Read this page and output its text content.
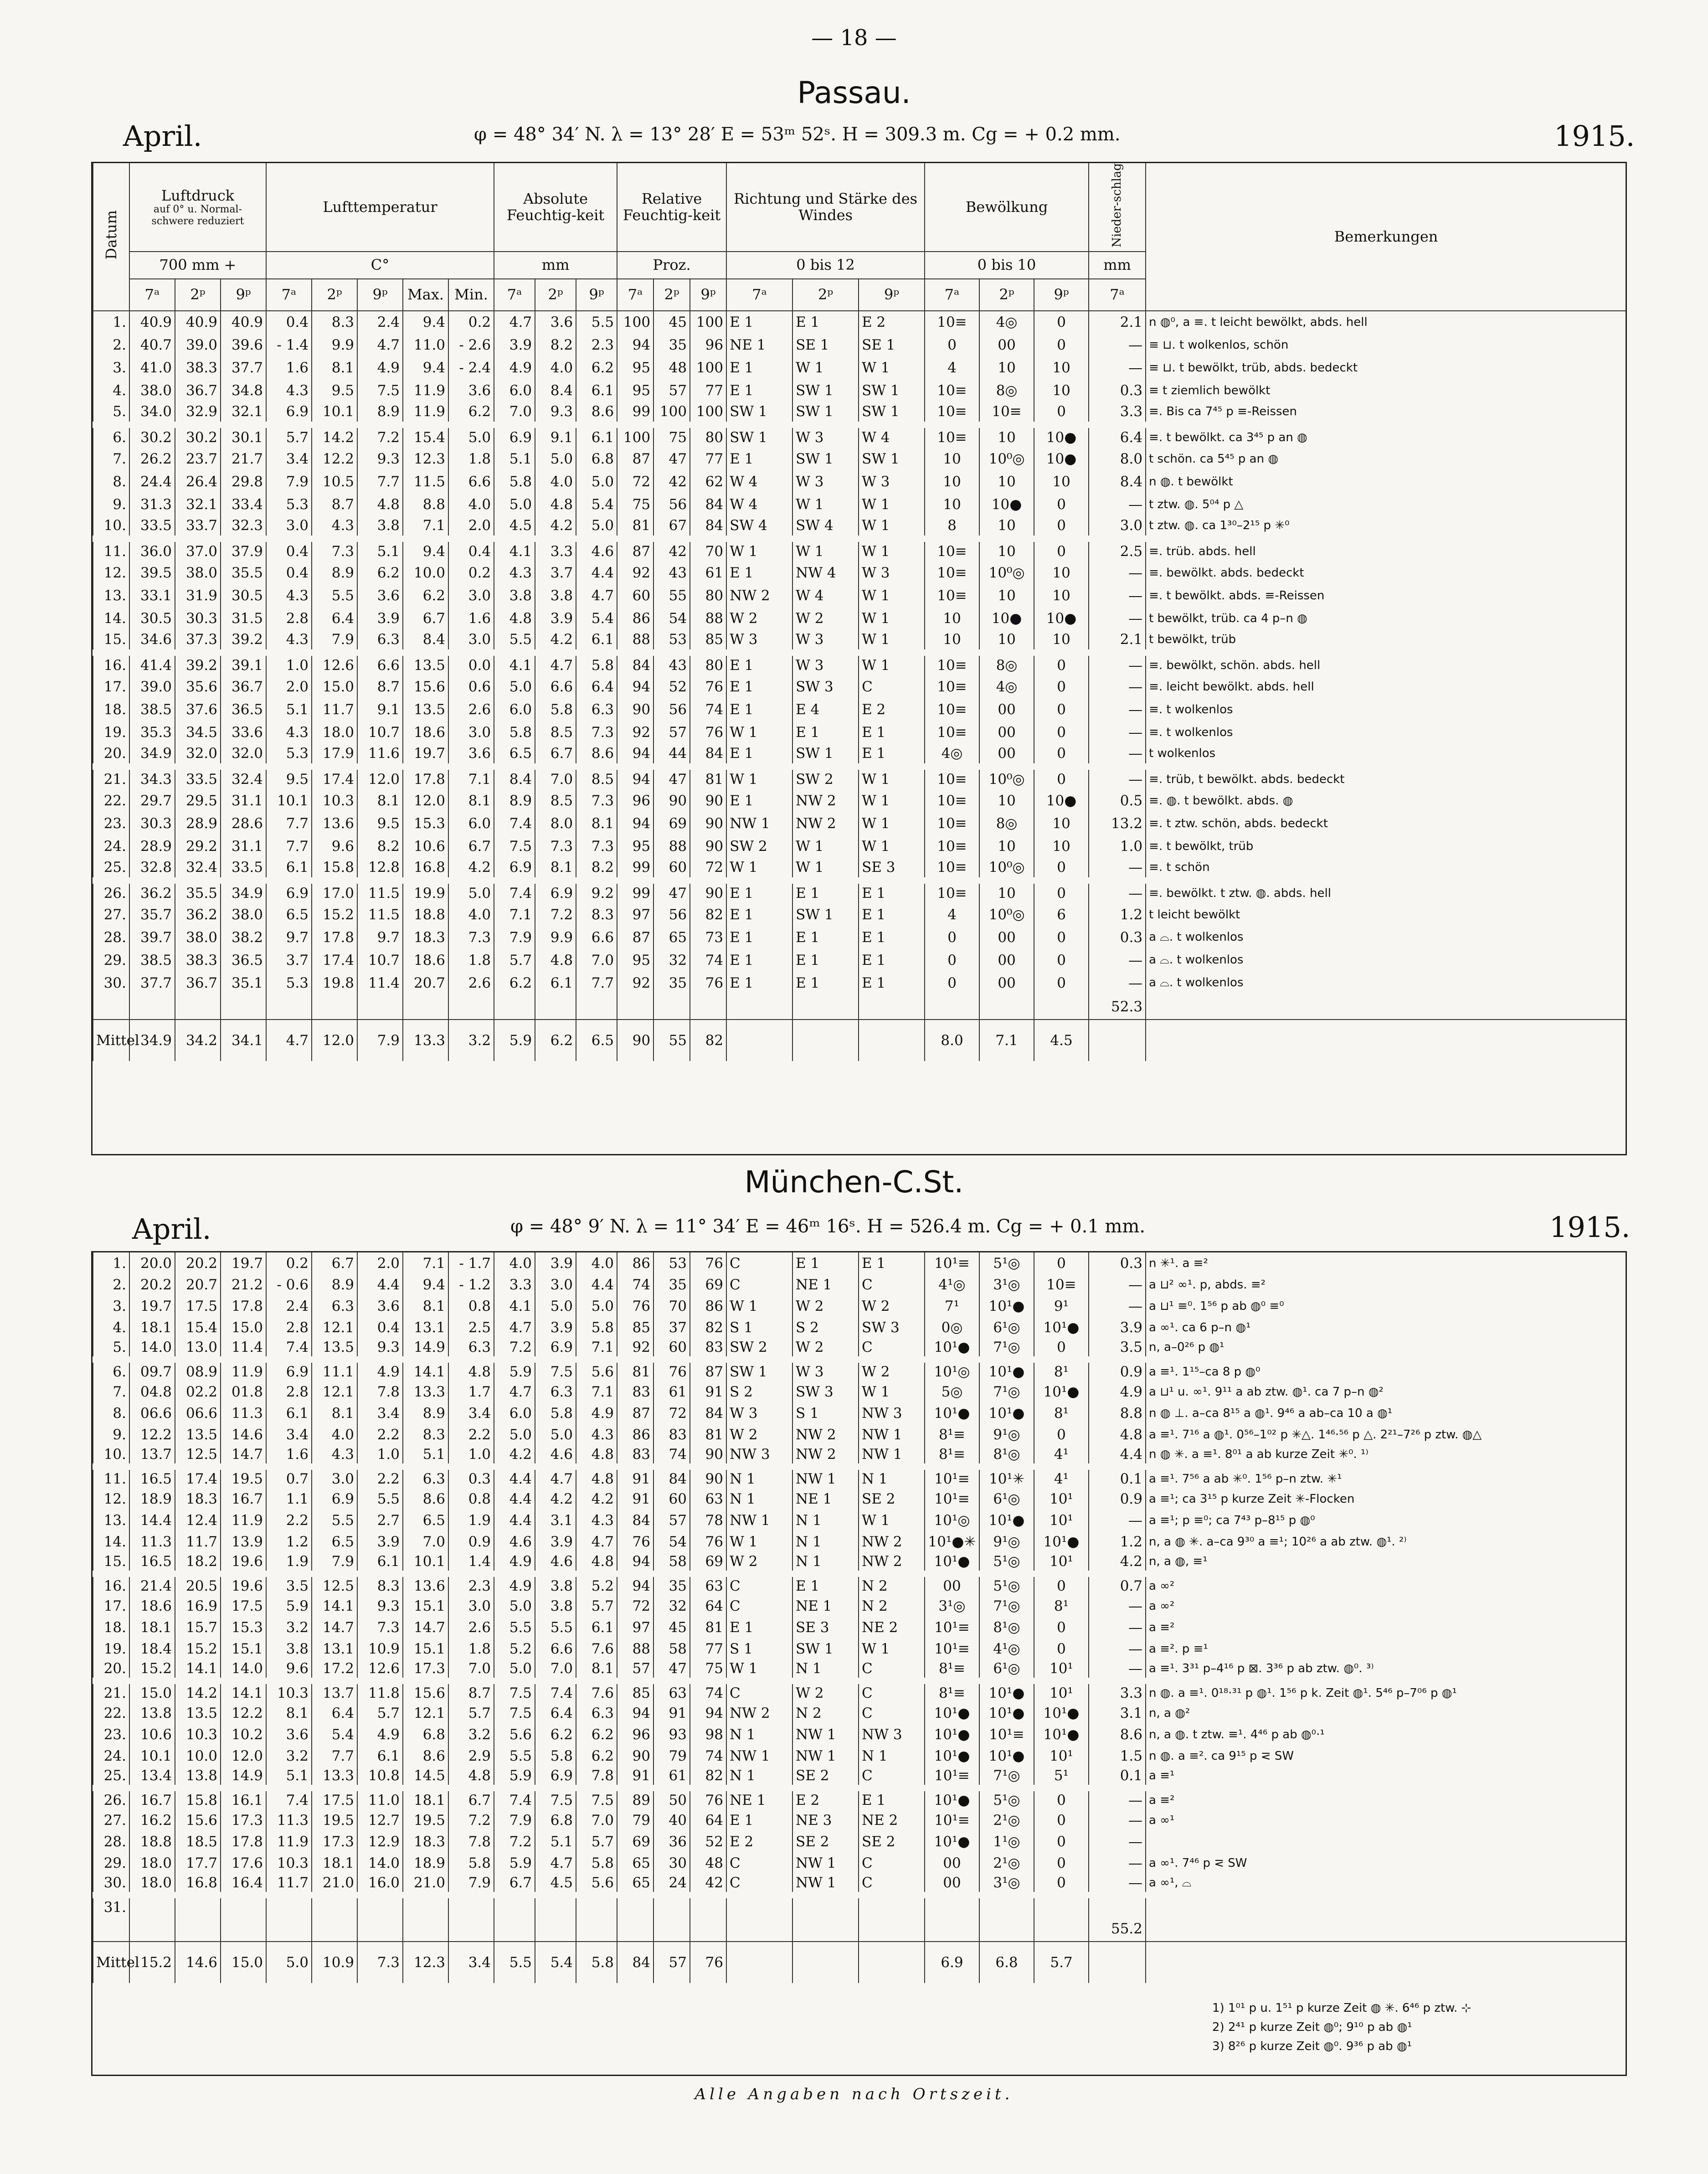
— 18 —
Passau.
April.	φ = 48° 34′ N. λ = 13° 28′ E = 53ᵐ 52ˢ. H = 309.3 m. Cg = + 0.2 mm.	1915.
Datum	Luftdruck
auf 0° u. Normal-schwere reduziert			Lufttemperatur					Absolute Feuchtig-keit			Relative Feuchtig-keit			Richtung und Stärke des Windes			Bewölkung			Nieder-schlag	Bemerkungen
	700 mm +			C°					mm			Proz.			0 bis 12			0 bis 10			mm	
	7ᵃ	2ᵖ	9ᵖ	7ᵃ	2ᵖ	9ᵖ	Max.	Min.	7ᵃ	2ᵖ	9ᵖ	7ᵃ	2ᵖ	9ᵖ	7ᵃ	2ᵖ	9ᵖ	7ᵃ	2ᵖ	9ᵖ	7ᵃ	
1.	40.9	40.9	40.9	0.4	8.3	2.4	9.4	0.2	4.7	3.6	5.5	100	45	100	E 1	E 1	E 2	10≡	4◎	0	2.1	n ◍⁰, a ≡. t leicht bewölkt, abds. hell
2.	40.7	39.0	39.6	- 1.4	9.9	4.7	11.0	- 2.6	3.9	8.2	2.3	94	35	96	NE 1	SE 1	SE 1	0	00	0	—	≡ ⊔. t wolkenlos, schön
3.	41.0	38.3	37.7	1.6	8.1	4.9	9.4	- 2.4	4.9	4.0	6.2	95	48	100	E 1	W 1	W 1	4	10	10	—	≡ ⊔. t bewölkt, trüb, abds. bedeckt
4.	38.0	36.7	34.8	4.3	9.5	7.5	11.9	3.6	6.0	8.4	6.1	95	57	77	E 1	SW 1	SW 1	10≡	8◎	10	0.3	≡ t ziemlich bewölkt
5.	34.0	32.9	32.1	6.9	10.1	8.9	11.9	6.2	7.0	9.3	8.6	99	100	100	SW 1	SW 1	SW 1	10≡	10≡	0	3.3	≡. Bis ca 7⁴⁵ p ≡-Reissen
6.	30.2	30.2	30.1	5.7	14.2	7.2	15.4	5.0	6.9	9.1	6.1	100	75	80	SW 1	W 3	W 4	10≡	10	10●	6.4	≡. t bewölkt. ca 3⁴⁵ p an ◍
7.	26.2	23.7	21.7	3.4	12.2	9.3	12.3	1.8	5.1	5.0	6.8	87	47	77	E 1	SW 1	SW 1	10	10⁰◎	10●	8.0	t schön. ca 5⁴⁵ p an ◍
8.	24.4	26.4	29.8	7.9	10.5	7.7	11.5	6.6	5.8	4.0	5.0	72	42	62	W 4	W 3	W 3	10	10	10	8.4	n ◍. t bewölkt
9.	31.3	32.1	33.4	5.3	8.7	4.8	8.8	4.0	5.0	4.8	5.4	75	56	84	W 4	W 1	W 1	10	10●	0	—	t ztw. ◍. 5⁰⁴ p △
10.	33.5	33.7	32.3	3.0	4.3	3.8	7.1	2.0	4.5	4.2	5.0	81	67	84	SW 4	SW 4	W 1	8	10	0	3.0	t ztw. ◍. ca 1³⁰–2¹⁵ p ✳⁰
11.	36.0	37.0	37.9	0.4	7.3	5.1	9.4	0.4	4.1	3.3	4.6	87	42	70	W 1	W 1	W 1	10≡	10	0	2.5	≡. trüb. abds. hell
12.	39.5	38.0	35.5	0.4	8.9	6.2	10.0	0.2	4.3	3.7	4.4	92	43	61	E 1	NW 4	W 3	10≡	10⁰◎	10	—	≡. bewölkt. abds. bedeckt
13.	33.1	31.9	30.5	4.3	5.5	3.6	6.2	3.0	3.8	3.8	4.7	60	55	80	NW 2	W 4	W 1	10≡	10	10	—	≡. t bewölkt. abds. ≡-Reissen
14.	30.5	30.3	31.5	2.8	6.4	3.9	6.7	1.6	4.8	3.9	5.4	86	54	88	W 2	W 2	W 1	10	10●	10●	—	t bewölkt, trüb. ca 4 p–n ◍
15.	34.6	37.3	39.2	4.3	7.9	6.3	8.4	3.0	5.5	4.2	6.1	88	53	85	W 3	W 3	W 1	10	10	10	2.1	t bewölkt, trüb
16.	41.4	39.2	39.1	1.0	12.6	6.6	13.5	0.0	4.1	4.7	5.8	84	43	80	E 1	W 3	W 1	10≡	8◎	0	—	≡. bewölkt, schön. abds. hell
17.	39.0	35.6	36.7	2.0	15.0	8.7	15.6	0.6	5.0	6.6	6.4	94	52	76	E 1	SW 3	C	10≡	4◎	0	—	≡. leicht bewölkt. abds. hell
18.	38.5	37.6	36.5	5.1	11.7	9.1	13.5	2.6	6.0	5.8	6.3	90	56	74	E 1	E 4	E 2	10≡	00	0	—	≡. t wolkenlos
19.	35.3	34.5	33.6	4.3	18.0	10.7	18.6	3.0	5.8	8.5	7.3	92	57	76	W 1	E 1	E 1	10≡	00	0	—	≡. t wolkenlos
20.	34.9	32.0	32.0	5.3	17.9	11.6	19.7	3.6	6.5	6.7	8.6	94	44	84	E 1	SW 1	E 1	4◎	00	0	—	t wolkenlos
21.	34.3	33.5	32.4	9.5	17.4	12.0	17.8	7.1	8.4	7.0	8.5	94	47	81	W 1	SW 2	W 1	10≡	10⁰◎	0	—	≡. trüb, t bewölkt. abds. bedeckt
22.	29.7	29.5	31.1	10.1	10.3	8.1	12.0	8.1	8.9	8.5	7.3	96	90	90	E 1	NW 2	W 1	10≡	10	10●	0.5	≡. ◍. t bewölkt. abds. ◍
23.	30.3	28.9	28.6	7.7	13.6	9.5	15.3	6.0	7.4	8.0	8.1	94	69	90	NW 1	NW 2	W 1	10≡	8◎	10	13.2	≡. t ztw. schön, abds. bedeckt
24.	28.9	29.2	31.1	7.7	9.6	8.2	10.6	6.7	7.5	7.3	7.3	95	88	90	SW 2	W 1	W 1	10≡	10	10	1.0	≡. t bewölkt, trüb
25.	32.8	32.4	33.5	6.1	15.8	12.8	16.8	4.2	6.9	8.1	8.2	99	60	72	W 1	W 1	SE 3	10≡	10⁰◎	0	—	≡. t schön
26.	36.2	35.5	34.9	6.9	17.0	11.5	19.9	5.0	7.4	6.9	9.2	99	47	90	E 1	E 1	E 1	10≡	10	0	—	≡. bewölkt. t ztw. ◍. abds. hell
27.	35.7	36.2	38.0	6.5	15.2	11.5	18.8	4.0	7.1	7.2	8.3	97	56	82	E 1	SW 1	E 1	4	10⁰◎	6	1.2	t leicht bewölkt
28.	39.7	38.0	38.2	9.7	17.8	9.7	18.3	7.3	7.9	9.9	6.6	87	65	73	E 1	E 1	E 1	0	00	0	0.3	a ⌓. t wolkenlos
29.	38.5	38.3	36.5	3.7	17.4	10.7	18.6	1.8	5.7	4.8	7.0	95	32	74	E 1	E 1	E 1	0	00	0	—	a ⌓. t wolkenlos
30.	37.7	36.7	35.1	5.3	19.8	11.4	20.7	2.6	6.2	6.1	7.7	92	35	76	E 1	E 1	E 1	0	00	0	—	a ⌓. t wolkenlos
																					52.3	
Mittel	34.9	34.2	34.1	4.7	12.0	7.9	13.3	3.2	5.9	6.2	6.5	90	55	82				8.0	7.1	4.5		
München-C.St.
April.	φ = 48° 9′ N. λ = 11° 34′ E = 46ᵐ 16ˢ. H = 526.4 m. Cg = + 0.1 mm.	1915.
1.	20.0	20.2	19.7	0.2	6.7	2.0	7.1	- 1.7	4.0	3.9	4.0	86	53	76	C	E 1	E 1	10¹≡	5¹◎	0	0.3	n ✳¹. a ≡²
2.	20.2	20.7	21.2	- 0.6	8.9	4.4	9.4	- 1.2	3.3	3.0	4.4	74	35	69	C	NE 1	C	4¹◎	3¹◎	10≡	—	a ⊔² ∞¹. p, abds. ≡²
3.	19.7	17.5	17.8	2.4	6.3	3.6	8.1	0.8	4.1	5.0	5.0	76	70	86	W 1	W 2	W 2	7¹	10¹●	9¹	—	a ⊔¹ ≡⁰. 1⁵⁶ p ab ◍⁰ ≡⁰
4.	18.1	15.4	15.0	2.8	12.1	0.4	13.1	2.5	4.7	3.9	5.8	85	37	82	S 1	S 2	SW 3	0◎	6¹◎	10¹●	3.9	a ∞¹. ca 6 p–n ◍¹
5.	14.0	13.0	11.4	7.4	13.5	9.3	14.9	6.3	7.2	6.9	7.1	92	60	83	SW 2	W 2	C	10¹●	7¹◎	0	3.5	n, a–0²⁶ p ◍¹
6.	09.7	08.9	11.9	6.9	11.1	4.9	14.1	4.8	5.9	7.5	5.6	81	76	87	SW 1	W 3	W 2	10¹◎	10¹●	8¹	0.9	a ≡¹. 1¹⁵–ca 8 p ◍⁰
7.	04.8	02.2	01.8	2.8	12.1	7.8	13.3	1.7	4.7	6.3	7.1	83	61	91	S 2	SW 3	W 1	5◎	7¹◎	10¹●	4.9	a ⊔¹ u. ∞¹. 9¹¹ a ab ztw. ◍¹. ca 7 p–n ◍²
8.	06.6	06.6	11.3	6.1	8.1	3.4	8.9	3.4	6.0	5.8	4.9	87	72	84	W 3	S 1	NW 3	10¹●	10¹●	8¹	8.8	n ◍ ⊥. a–ca 8¹⁵ a ◍¹. 9⁴⁶ a ab–ca 10 a ◍¹
9.	12.2	13.5	14.6	3.4	4.0	2.2	8.3	2.2	5.0	5.0	4.3	86	83	81	W 2	NW 2	NW 1	8¹≡	9¹◎	0	4.8	a ≡¹. 7¹⁶ a ◍¹. 0⁵⁶–1⁰² p ✳△. 1⁴⁶·⁵⁶ p △. 2²¹–7²⁶ p ztw. ◍△
10.	13.7	12.5	14.7	1.6	4.3	1.0	5.1	1.0	4.2	4.6	4.8	83	74	90	NW 3	NW 2	NW 1	8¹≡	8¹◎	4¹	4.4	n ◍ ✳. a ≡¹. 8⁰¹ a ab kurze Zeit ✳⁰. ¹⁾
11.	16.5	17.4	19.5	0.7	3.0	2.2	6.3	0.3	4.4	4.7	4.8	91	84	90	N 1	NW 1	N 1	10¹≡	10¹✳	4¹	0.1	a ≡¹. 7⁵⁶ a ab ✳⁰. 1⁵⁶ p–n ztw. ✳¹
12.	18.9	18.3	16.7	1.1	6.9	5.5	8.6	0.8	4.4	4.2	4.2	91	60	63	N 1	NE 1	SE 2	10¹≡	6¹◎	10¹	0.9	a ≡¹; ca 3¹⁵ p kurze Zeit ✳-Flocken
13.	14.4	12.4	11.9	2.2	5.5	2.7	6.5	1.9	4.4	3.1	4.3	84	57	78	NW 1	N 1	W 1	10¹◎	10¹●	10¹	—	a ≡¹; p ≡⁰; ca 7⁴³ p–8¹⁵ p ◍⁰
14.	11.3	11.7	13.9	1.2	6.5	3.9	7.0	0.9	4.6	3.9	4.7	76	54	76	W 1	N 1	NW 2	10¹●✳	9¹◎	10¹●	1.2	n, a ◍ ✳. a–ca 9³⁰ a ≡¹; 10²⁶ a ab ztw. ◍¹. ²⁾
15.	16.5	18.2	19.6	1.9	7.9	6.1	10.1	1.4	4.9	4.6	4.8	94	58	69	W 2	N 1	NW 2	10¹●	5¹◎	10¹	4.2	n, a ◍, ≡¹
16.	21.4	20.5	19.6	3.5	12.5	8.3	13.6	2.3	4.9	3.8	5.2	94	35	63	C	E 1	N 2	00	5¹◎	0	0.7	a ∞²
17.	18.6	16.9	17.5	5.9	14.1	9.3	15.1	3.0	5.0	3.8	5.7	72	32	64	C	NE 1	N 2	3¹◎	7¹◎	8¹	—	a ∞²
18.	18.1	15.7	15.3	3.2	14.7	7.3	14.7	2.6	5.5	5.5	6.1	97	45	81	E 1	SE 3	NE 2	10¹≡	8¹◎	0	—	a ≡²
19.	18.4	15.2	15.1	3.8	13.1	10.9	15.1	1.8	5.2	6.6	7.6	88	58	77	S 1	SW 1	W 1	10¹≡	4¹◎	0	—	a ≡². p ≡¹
20.	15.2	14.1	14.0	9.6	17.2	12.6	17.3	7.0	5.0	7.0	8.1	57	47	75	W 1	N 1	C	8¹≡	6¹◎	10¹	—	a ≡¹. 3³¹ p–4¹⁶ p ⊠. 3³⁶ p ab ztw. ◍⁰. ³⁾
21.	15.0	14.2	14.1	10.3	13.7	11.8	15.6	8.7	7.5	7.4	7.6	85	63	74	C	W 2	C	8¹≡	10¹●	10¹	3.3	n ◍. a ≡¹. 0¹⁸·³¹ p ◍¹. 1⁵⁶ p k. Zeit ◍¹. 5⁴⁶ p–7⁰⁶ p ◍¹
22.	13.8	13.5	12.2	8.1	6.4	5.7	12.1	5.7	7.5	6.4	6.3	94	91	94	NW 2	N 2	C	10¹●	10¹●	10¹●	3.1	n, a ◍²
23.	10.6	10.3	10.2	3.6	5.4	4.9	6.8	3.2	5.6	6.2	6.2	96	93	98	N 1	NW 1	NW 3	10¹●	10¹≡	10¹●	8.6	n, a ◍. t ztw. ≡¹. 4⁴⁶ p ab ◍⁰·¹
24.	10.1	10.0	12.0	3.2	7.7	6.1	8.6	2.9	5.5	5.8	6.2	90	79	74	NW 1	NW 1	N 1	10¹●	10¹●	10¹	1.5	n ◍. a ≡². ca 9¹⁵ p ⋜ SW
25.	13.4	13.8	14.9	5.1	13.3	10.8	14.5	4.8	5.9	6.9	7.8	91	61	82	N 1	SE 2	C	10¹≡	7¹◎	5¹	0.1	a ≡¹
26.	16.7	15.8	16.1	7.4	17.5	11.0	18.1	6.7	7.4	7.5	7.5	89	50	76	NE 1	E 2	E 1	10¹●	5¹◎	0	—	a ≡²
27.	16.2	15.6	17.3	11.3	19.5	12.7	19.5	7.2	7.9	6.8	7.0	79	40	64	E 1	NE 3	NE 2	10¹≡	2¹◎	0	—	a ∞¹
28.	18.8	18.5	17.8	11.9	17.3	12.9	18.3	7.8	7.2	5.1	5.7	69	36	52	E 2	SE 2	SE 2	10¹●	1¹◎	0	—	
29.	18.0	17.7	17.6	10.3	18.1	14.0	18.9	5.8	5.9	4.7	5.8	65	30	48	C	NW 1	C	00	2¹◎	0	—	a ∞¹. 7⁴⁶ p ⋜ SW
30.	18.0	16.8	16.4	11.7	21.0	16.0	21.0	7.9	6.7	4.5	5.6	65	24	42	C	NW 1	C	00	3¹◎	0	—	a ∞¹, ⌓
31.																						
																					55.2	
Mittel	15.2	14.6	15.0	5.0	10.9	7.3	12.3	3.4	5.5	5.4	5.8	84	57	76				6.9	6.8	5.7		
1) 1⁰¹ p u. 1⁵¹ p kurze Zeit ◍ ✳. 6⁴⁶ p ztw. ⊹
2) 2⁴¹ p kurze Zeit ◍⁰; 9¹⁰ p ab ◍¹
3) 8²⁶ p kurze Zeit ◍⁰. 9³⁶ p ab ◍¹
Alle Angaben nach Ortszeit.
